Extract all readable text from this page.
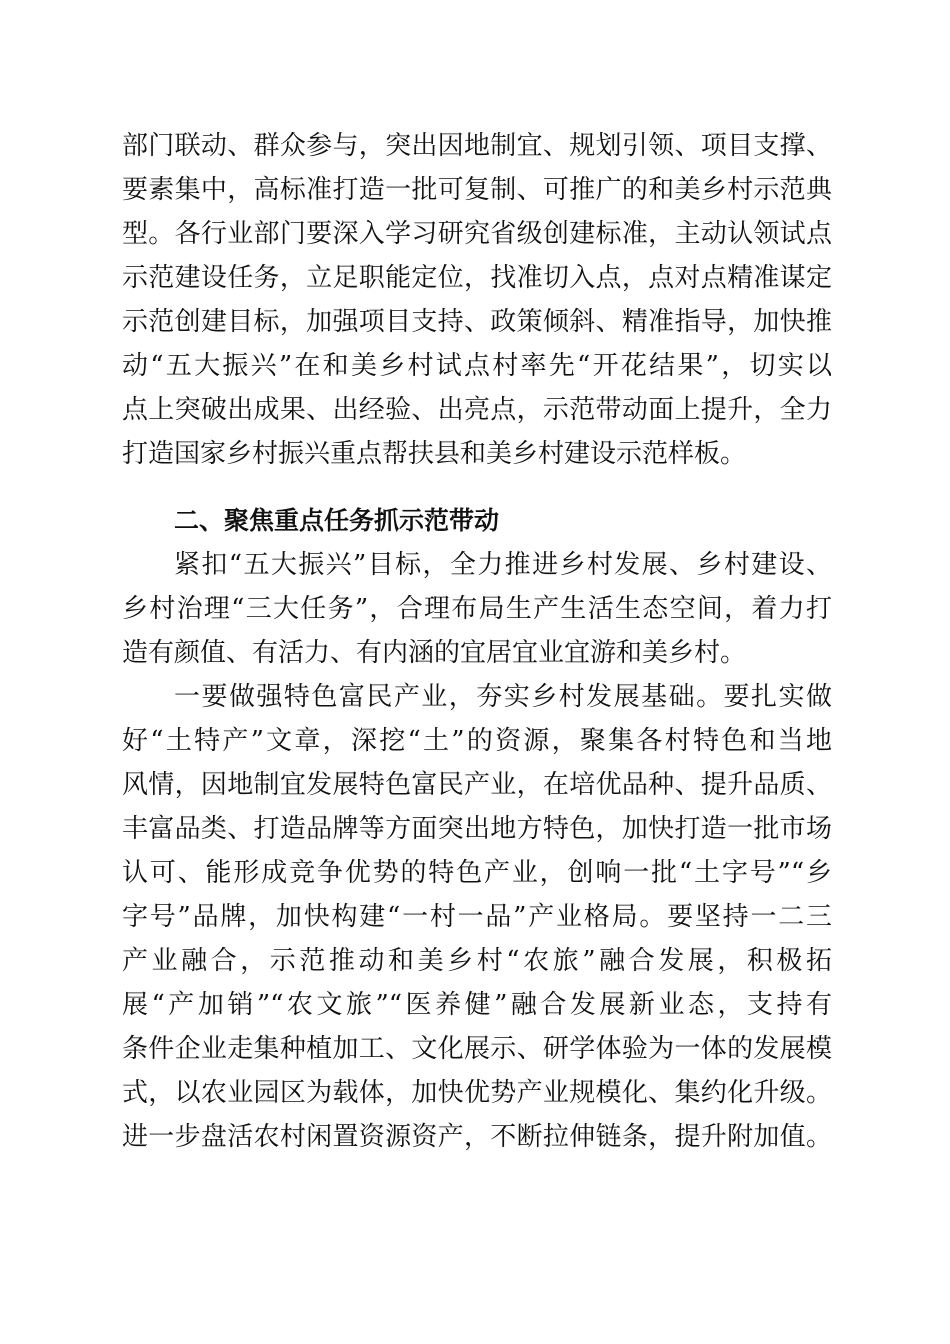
部门联动、群众参与，突出因地制宜、规划引领、项目支撑、
要素集中，高标准打造一批可复制、可推广的和美乡村示范典
型。各行业部门要深入学习研究省级创建标准，主动认领试点
示范建设任务，立足职能定位，找准切入点，点对点精准谋定
示范创建目标，加强项目支持、政策倾斜、精准指导，加快推
动“五大振兴”在和美乡村试点村率先“开花结果”，切实以
点上突破出成果、出经验、出亮点，示范带动面上提升，全力
打造国家乡村振兴重点帮扶县和美乡村建设示范样板。
二、聚焦重点任务抓示范带动
紧扣“五大振兴”目标，全力推进乡村发展、乡村建设、
乡村治理“三大任务”，合理布局生产生活生态空间，着力打
造有颜值、有活力、有内涵的宜居宜业宜游和美乡村。
一要做强特色富民产业，夯实乡村发展基础。要扎实做
好“土特产”文章，深挖“土”的资源，聚集各村特色和当地
风情，因地制宜发展特色富民产业，在培优品种、提升品质、
丰富品类、打造品牌等方面突出地方特色，加快打造一批市场
认可、能形成竞争优势的特色产业，创响一批“土字号”“乡
字号”品牌，加快构建“一村一品”产业格局。要坚持一二三
产业融合，示范推动和美乡村“农旅”融合发展，积极拓
展“产加销”“农文旅”“医养健”融合发展新业态，支持有
条件企业走集种植加工、文化展示、研学体验为一体的发展模
式，以农业园区为载体，加快优势产业规模化、集约化升级。
进一步盘活农村闲置资源资产，不断拉伸链条，提升附加值。
